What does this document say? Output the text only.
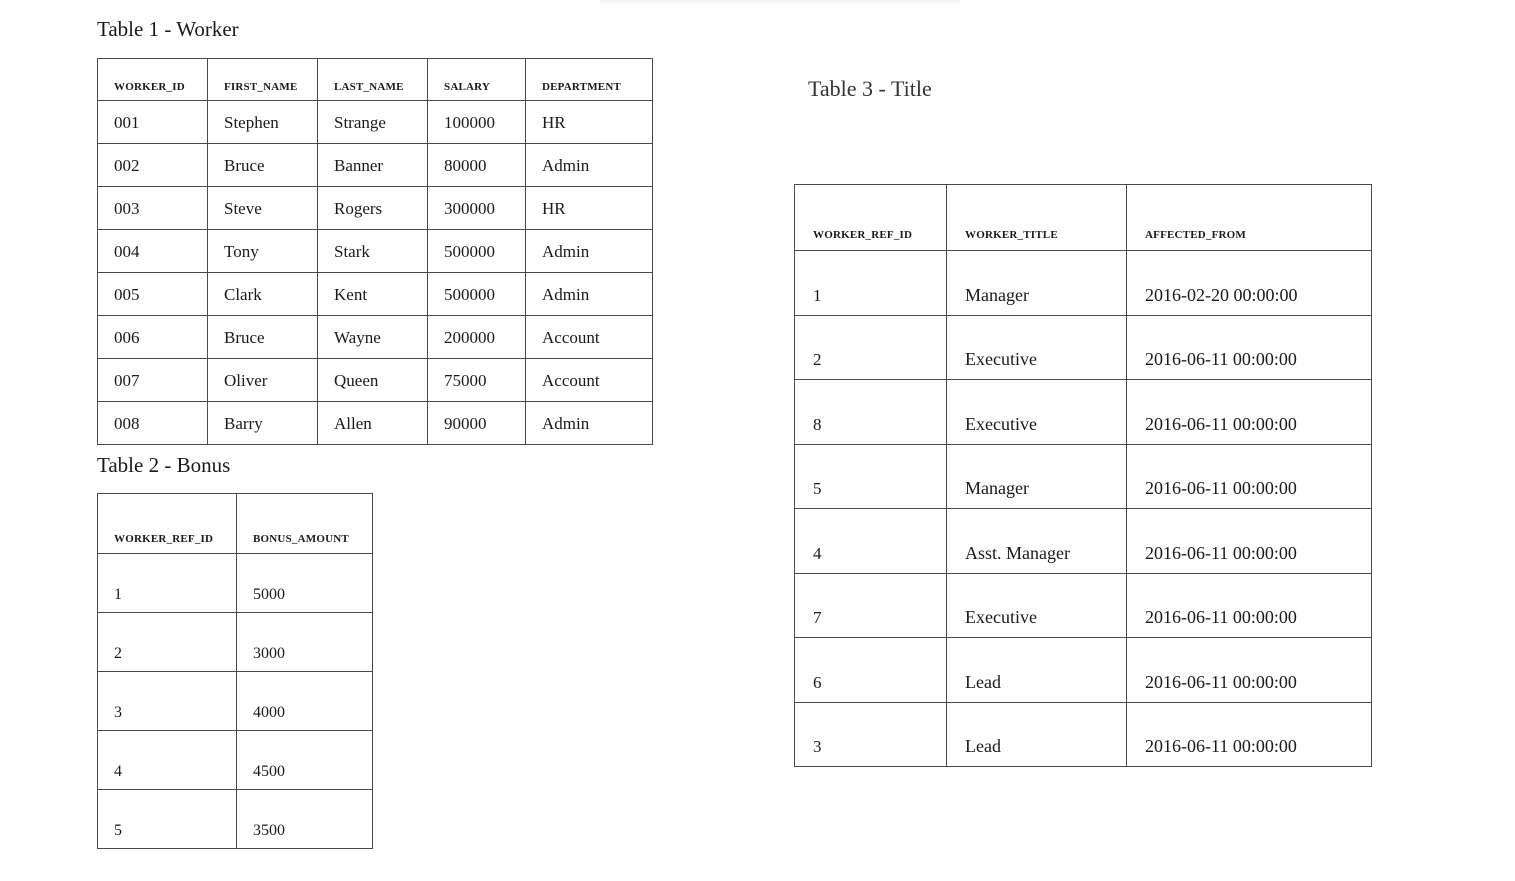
Table 1 - Worker
WORKER_ID	FIRST_NAME	LAST_NAME	SALARY	DEPARTMENT
001	Stephen	Strange	100000	HR
002	Bruce	Banner	80000	Admin
003	Steve	Rogers	300000	HR
004	Tony	Stark	500000	Admin
005	Clark	Kent	500000	Admin
006	Bruce	Wayne	200000	Account
007	Oliver	Queen	75000	Account
008	Barry	Allen	90000	Admin
Table 2 - Bonus
WORKER_REF_ID	BONUS_AMOUNT
1	5000
2	3000
3	4000
4	4500
5	3500
Table 3 - Title
WORKER_REF_ID	WORKER_TITLE	AFFECTED_FROM
1	Manager	2016-02-20 00:00:00
2	Executive	2016-06-11 00:00:00
8	Executive	2016-06-11 00:00:00
5	Manager	2016-06-11 00:00:00
4	Asst. Manager	2016-06-11 00:00:00
7	Executive	2016-06-11 00:00:00
6	Lead	2016-06-11 00:00:00
3	Lead	2016-06-11 00:00:00
